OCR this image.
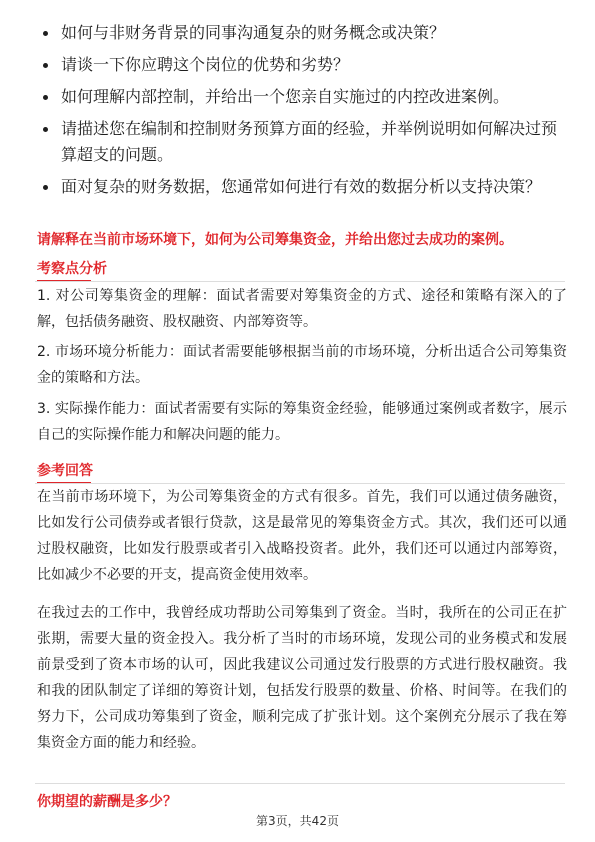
如何与非财务背景的同事沟通复杂的财务概念或决策？
请谈一下你应聘这个岗位的优势和劣势？
如何理解内部控制，并给出一个您亲自实施过的内控改进案例。
请描述您在编制和控制财务预算方面的经验，并举例说明如何解决过预算超支的问题。
面对复杂的财务数据，您通常如何进行有效的数据分析以支持决策？
请解释在当前市场环境下，如何为公司筹集资金，并给出您过去成功的案例。
考察点分析
1. 对公司筹集资金的理解：面试者需要对筹集资金的方式、途径和策略有深入的了解，包括债务融资、股权融资、内部筹资等。
2. 市场环境分析能力：面试者需要能够根据当前的市场环境，分析出适合公司筹集资金的策略和方法。
3. 实际操作能力：面试者需要有实际的筹集资金经验，能够通过案例或者数字，展示自己的实际操作能力和解决问题的能力。
参考回答
在当前市场环境下，为公司筹集资金的方式有很多。首先，我们可以通过债务融资，比如发行公司债券或者银行贷款，这是最常见的筹集资金方式。其次，我们还可以通过股权融资，比如发行股票或者引入战略投资者。此外，我们还可以通过内部筹资，比如减少不必要的开支，提高资金使用效率。
在我过去的工作中，我曾经成功帮助公司筹集到了资金。当时，我所在的公司正在扩张期，需要大量的资金投入。我分析了当时的市场环境，发现公司的业务模式和发展前景受到了资本市场的认可，因此我建议公司通过发行股票的方式进行股权融资。我和我的团队制定了详细的筹资计划，包括发行股票的数量、价格、时间等。在我们的努力下，公司成功筹集到了资金，顺利完成了扩张计划。这个案例充分展示了我在筹集资金方面的能力和经验。
你期望的薪酬是多少？
第3页，共42页
